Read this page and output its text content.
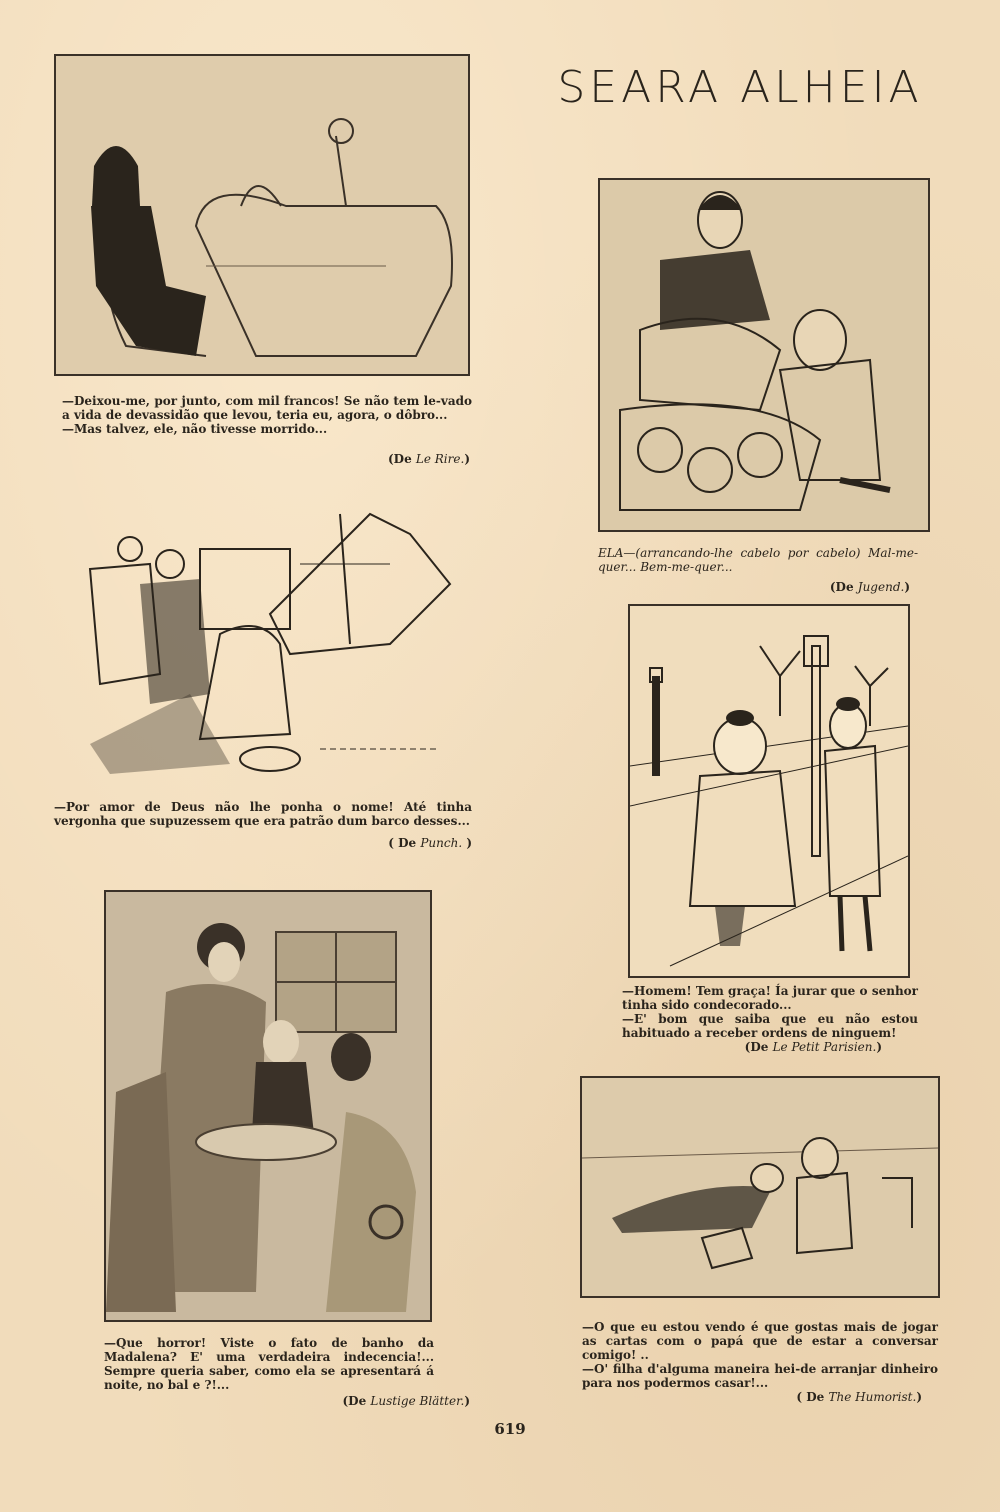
SEARA ALHEIA

—Deixou-me, por junto, com mil francos! Se não tem le-vado a vida de devassidão que levou, teria eu, agora, o dôbro...

—Mas talvez, ele, não tivesse morrido...

(De Le Rire.)

ELA—(arrancando-lhe cabelo por cabelo) Mal-me-quer... Bem-me-quer...

(De Jugend.)

—Por amor de Deus não lhe ponha o nome! Até tinha vergonha que supuzessem que era patrão dum barco desses...

( De Punch. )

—Homem! Tem graça! Ía jurar que o senhor tinha sido condecorado...

—E' bom que saiba que eu não estou habituado a receber ordens de ninguem!

(De Le Petit Parisien.)

—Que horror! Viste o fato de banho da Madalena? E' uma verdadeira indecencia!... Sempre queria saber, como ela se apresentará á noite, no bal e ?!...

(De Lustige Blätter.)

—O que eu estou vendo é que gostas mais de jogar as cartas com o papá que de estar a conversar comigo! ..

—O' filha d'alguma maneira hei-de arranjar dinheiro para nos podermos casar!...

( De The Humorist.)
619
